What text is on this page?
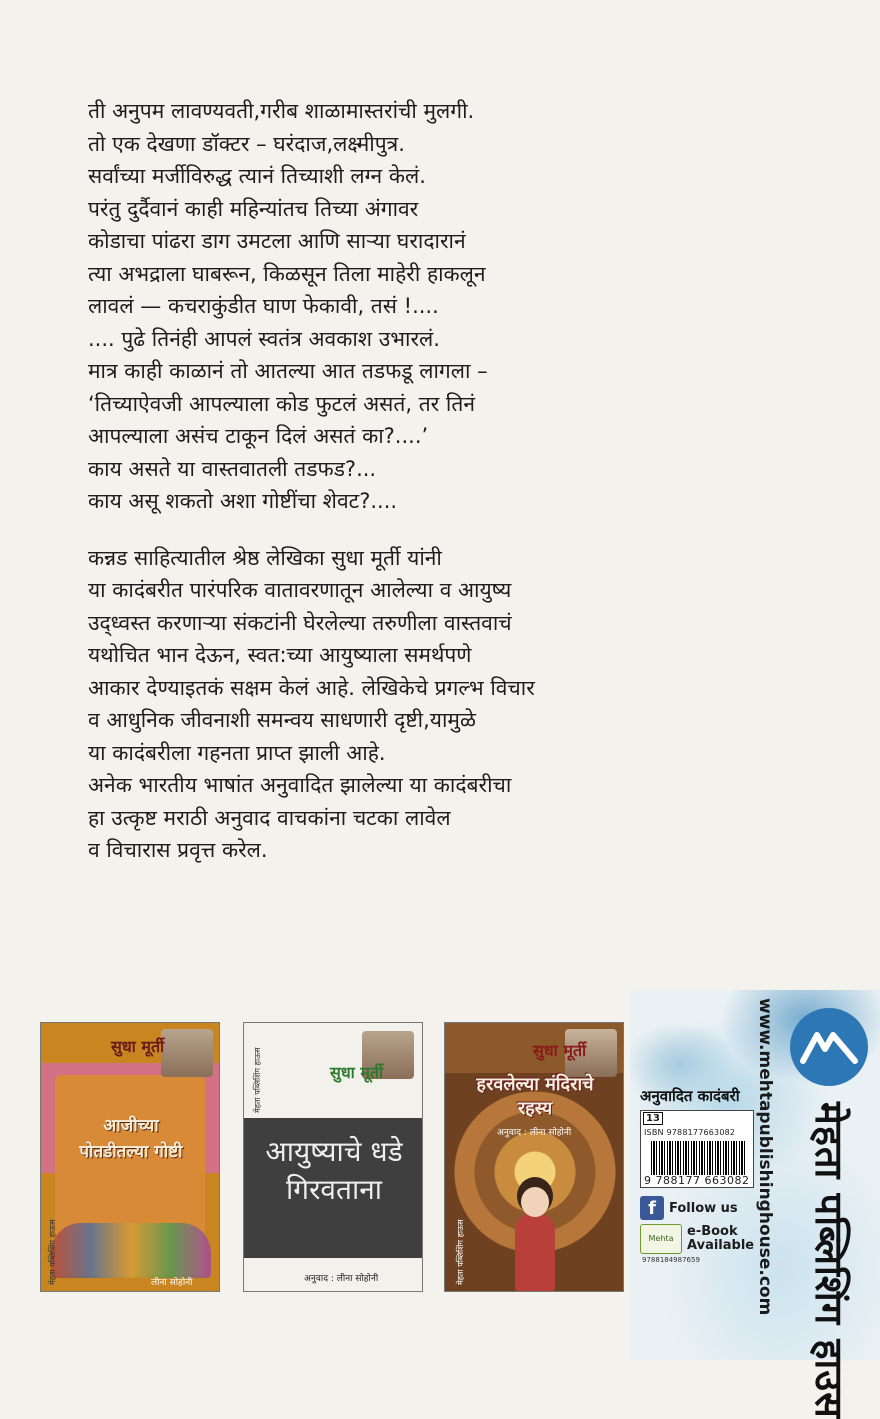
ती अनुपम लावण्यवती,गरीब शाळामास्तरांची मुलगी.

तो एक देखणा डॉक्टर – घरंदाज,लक्ष्मीपुत्र.

सर्वांच्या मर्जीविरुद्ध त्यानं तिच्याशी लग्न केलं.

परंतु दुर्दैवानं काही महिन्यांतच तिच्या अंगावर

कोडाचा पांढरा डाग उमटला आणि साऱ्या घरादारानं

त्या अभद्राला घाबरून, किळसून तिला माहेरी हाकलून

लावलं — कचराकुंडीत घाण फेकावी, तसं !....

.... पुढे तिनंही आपलं स्वतंत्र अवकाश उभारलं.

मात्र काही काळानं तो आतल्या आत तडफडू लागला –

‘तिच्याऐवजी आपल्याला कोड फुटलं असतं, तर तिनं

आपल्याला असंच टाकून दिलं असतं का?....’

काय असते या वास्तवातली तडफड?...

काय असू शकतो अशा गोष्टींचा शेवट?....

कन्नड साहित्यातील श्रेष्ठ लेखिका सुधा मूर्ती यांनी

या कादंबरीत पारंपरिक वातावरणातून आलेल्या व आयुष्य

उद्ध्वस्त करणाऱ्या संकटांनी घेरलेल्या तरुणीला वास्तवाचं

यथोचित भान देऊन, स्वत:च्या आयुष्याला समर्थपणे

आकार देण्याइतकं सक्षम केलं आहे. लेखिकेचे प्रगल्भ विचार

व आधुनिक जीवनाशी समन्वय साधणारी दृष्टी,यामुळे

या कादंबरीला गहनता प्राप्त झाली आहे.

अनेक भारतीय भाषांत अनुवादित झालेल्या या कादंबरीचा

हा उत्कृष्ट मराठी अनुवाद वाचकांना चटका लावेल

व विचारास प्रवृत्त करेल.

www.mehtapublishinghouse.com मेहता पब्लिशिंग हाउस
सुधा मूर्ती
आजीच्या पोतडीतल्या गोष्टी
लीना सोहोनी
मेहता पब्लिशिंग हाऊस
सुधा मूर्ती
आयुष्याचे धडे गिरवताना
अनुवाद : लीना सोहोनी
मेहता पब्लिशिंग हाऊस	सुधा मूर्ती
हरवलेल्या मंदिराचे रहस्य
अनुवाद : लीना सोहोनी
मेहता पब्लिशिंग हाऊस
अनुवादित कादंबरी
13
ISBN 9788177663082
9 788177 663082
f	Follow us
Mehta	e-Book
Available
9788184987659
